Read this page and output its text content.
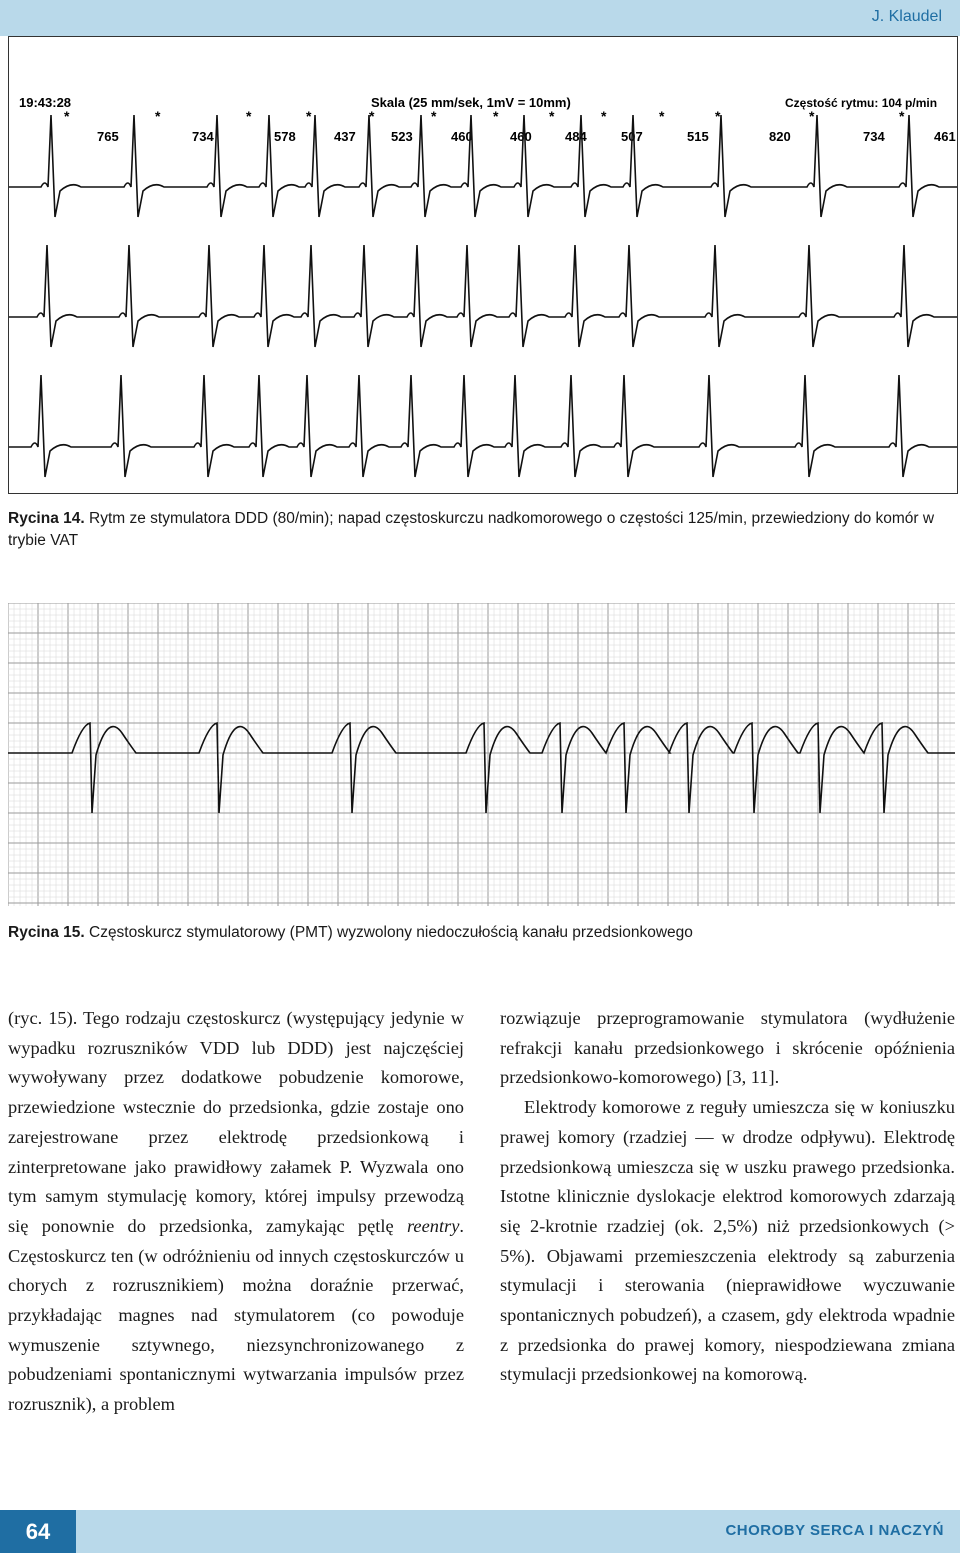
J. Klaudel
19:43:28	Skala (25 mm/sek, 1mV = 10mm)	Częstość rytmu: 104 p/min
*	*	*	*	*	*	*	*	*	*	*	*	*
765	734	578	437	523	460	460	484	507	515	820	734	461
Rycina 14. Rytm ze stymulatora DDD (80/min); napad częstoskurczu nadkomorowego o częstości 125/min, przewiedziony do komór w trybie VAT
Rycina 15. Częstoskurcz stymulatorowy (PMT) wyzwolony niedoczułością kanału przedsionkowego

(ryc. 15). Tego rodzaju częstoskurcz (występujący jedynie w wypadku rozruszników VDD lub DDD) jest najczęściej wywoływany przez dodatkowe pobudzenie komorowe, przewiedzione wstecznie do przedsionka, gdzie zostaje ono zarejestrowane przez elektrodę przedsionkową i zinterpretowane jako prawidłowy załamek P. Wyzwala ono tym samym stymulację komory, której impulsy przewodzą się ponownie do przedsionka, zamykając pętlę reentry. Częstoskurcz ten (w odróżnieniu od innych częstoskurczów u chorych z rozrusznikiem) można doraźnie przerwać, przykładając magnes nad stymulatorem (co powoduje wymuszenie sztywnego, niezsynchronizowanego z pobudzeniami spontanicznymi wytwarzania impulsów przez rozrusznik), a problem

rozwiązuje przeprogramowanie stymulatora (wydłużenie refrakcji kanału przedsionkowego i skrócenie opóźnienia przedsionkowo-komorowego) [3, 11].

Elektrody komorowe z reguły umieszcza się w koniuszku prawej komory (rzadziej — w drodze odpływu). Elektrodę przedsionkową umieszcza się w uszku prawego przedsionka. Istotne klinicznie dyslokacje elektrod komorowych zdarzają się 2-krotnie rzadziej (ok. 2,5%) niż przedsionkowych (> 5%). Objawami przemieszczenia elektrody są zaburzenia stymulacji i sterowania (nieprawidłowe wyczuwanie spontanicznych pobudzeń), a czasem, gdy elektroda wpadnie z przedsionka do prawej komory, niespodziewana zmiana stymulacji przedsionkowej na komorową.

64	CHOROBY SERCA I NACZYŃ
